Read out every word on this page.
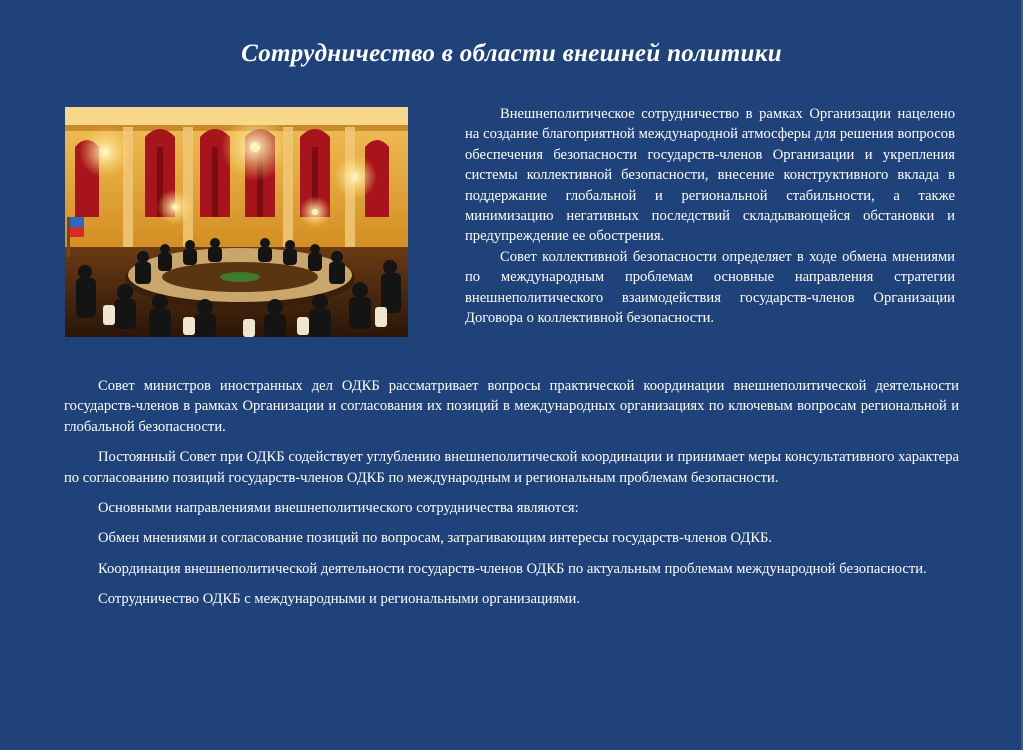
Сотрудничество в области внешней политики

Внешнеполитическое сотрудничество в рамках Организации нацелено на создание благоприятной международной атмосферы для решения вопросов обеспечения безопасности государств-членов Организации и укрепления системы коллективной безопасности, внесение конструктивного вклада в поддержание глобальной и региональной стабильности, а также минимизацию негативных последствий складывающейся обстановки и предупреждение ее обострения.

Совет коллективной безопасности определяет в ходе обмена мнениями по международным проблемам основные направления стратегии внешнеполитического взаимодействия государств-членов Организации Договора о коллективной безопасности.

Совет министров иностранных дел ОДКБ рассматривает вопросы практической координации внешнеполитической деятельности государств-членов в рамках Организации и согласования их позиций в международных организациях по ключевым вопросам региональной и глобальной безопасности.

Постоянный Совет при ОДКБ содействует углублению внешнеполитической координации и принимает меры консультативного характера по согласованию позиций государств-членов ОДКБ по международным и региональным проблемам безопасности.

Основными направлениями внешнеполитического сотрудничества являются:

Обмен мнениями и согласование позиций по вопросам, затрагивающим интересы государств-членов ОДКБ.

Координация внешнеполитической деятельности государств-членов ОДКБ по актуальным проблемам международной безопасности.

Сотрудничество ОДКБ с международными и региональными организациями.
